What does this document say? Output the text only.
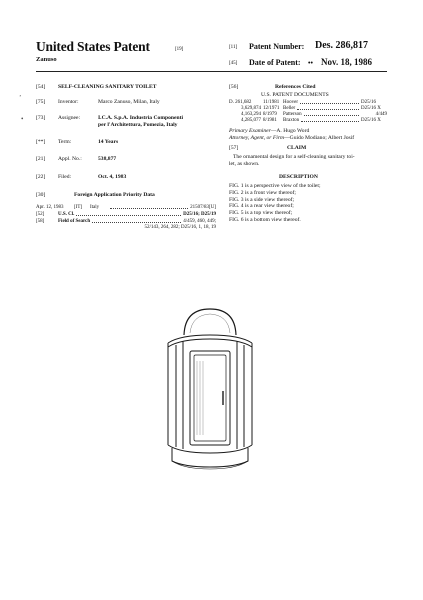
United States Patent	[19]
Zanuso
[11] Patent Number: Des. 286,817
[45] Date of Patent: •• Nov. 18, 1986
’
•
[54]	SELF-CLEANING SANITARY TOILET
[75]	Inventor:	Marco Zanuso, Milan, Italy
[73]	Assignee:	I.C.A. S.p.A. Industria Componenti
per l'Architettura, Pomezia, Italy
[**]	Term:	14 Years
[21]	Appl. No.:	538,877
[22]	Filed:	Oct. 4, 1983
[30]	Foreign Application Priority Data
Apr. 12, 1983	[IT]	Italy	21507/83[U]
[52]	U.S. Cl.	D25/16; D25/19
[58]	Field of Search	4/459, 460, 449;
52/143, 264, 282; D25/16, 1, 18, 19
[56]	References Cited
U.S. PATENT DOCUMENTS
D. 261,682	11/1981 Hoover	D25/16
3,629,874 12/1971 Beller	D25/16 X
4,163,294 8/1979	Patterson	4/449
4,285,077 8/1981	Braxton	D25/16 X
Primary Examiner—A. Hugo Word
Attorney, Agent, or Firm—Guido Modiano; Albert Josif
[57]	CLAIM
The ornamental design for a self-cleaning sanitary toi-
let, as shown.
DESCRIPTION
FIG. 1 is a perspective view of the toilet;
FIG. 2 is a front view thereof;
FIG. 3 is a side view thereof;
FIG. 4 is a rear view thereof;
FIG. 5 is a top view thereof;
FIG. 6 is a bottom view thereof.
